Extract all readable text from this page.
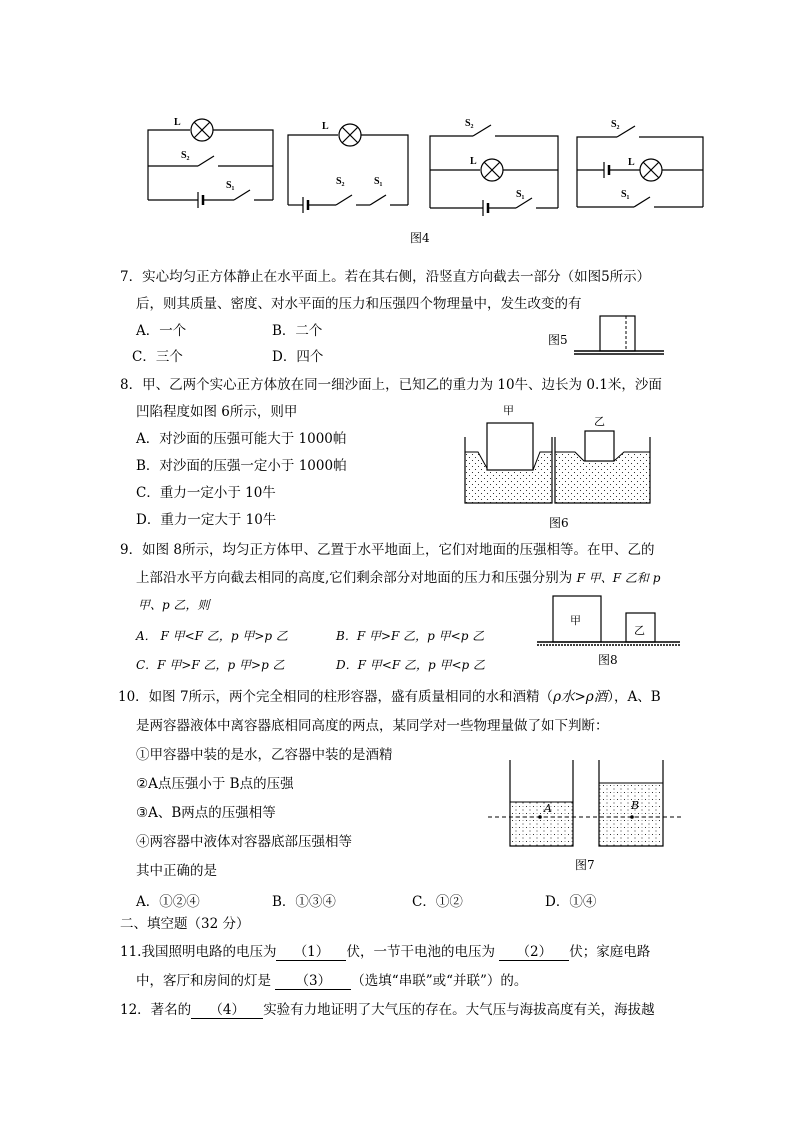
L
S₂
S₁
L
S₂	S₁
S₂
L
S₁
S₂
L
S₁
图4
7．实心均匀正方体静止在水平面上。若在其右侧，沿竖直方向截去一部分（如图5所示）
后，则其质量、密度、对水平面的压力和压强四个物理量中，发生改变的有
A．一个	B．二个
C．三个	D．四个
图5
8．甲、乙两个实心正方体放在同一细沙面上，已知乙的重力为 10牛、边长为 0.1米，沙面
凹陷程度如图 6所示，则甲
A．对沙面的压强可能大于 1000帕
B．对沙面的压强一定小于 1000帕
C．重力一定小于 10牛
D．重力一定大于 10牛
甲
乙
图6
9．如图 8所示，均匀正方体甲、乙置于水平地面上，它们对地面的压强相等。在甲、乙的
上部沿水平方向截去相同的高度,它们剩余部分对地面的压力和压强分别为 F 甲、F 乙和 p
甲、p 乙，则
A． F 甲<F 乙，p 甲>p 乙	B．F 甲>F 乙，p 甲<p 乙
C．F 甲>F 乙，p 甲>p 乙	D．F 甲<F 乙，p 甲<p 乙
甲
乙
图8
10．如图 7所示，两个完全相同的柱形容器，盛有质量相同的水和酒精（ρ水>ρ酒），A、B
是两容器液体中离容器底相同高度的两点，某同学对一些物理量做了如下判断：
①甲容器中装的是水，乙容器中装的是酒精
②A点压强小于 B点的压强
③A、B两点的压强相等
④两容器中液体对容器底部压强相等
其中正确的是
A．①②④	B．①③④	C．①②	D．①④
A	B
图7
二、填空题（32 分）
11.我国照明电路的电压为 （1） 伏，一节干电池的电压为 （2） 伏；家庭电路
中，客厅和房间的灯是 （3） （选填“串联”或“并联”）的。
12．著名的 （4） 实验有力地证明了大气压的存在。大气压与海拔高度有关，海拔越
